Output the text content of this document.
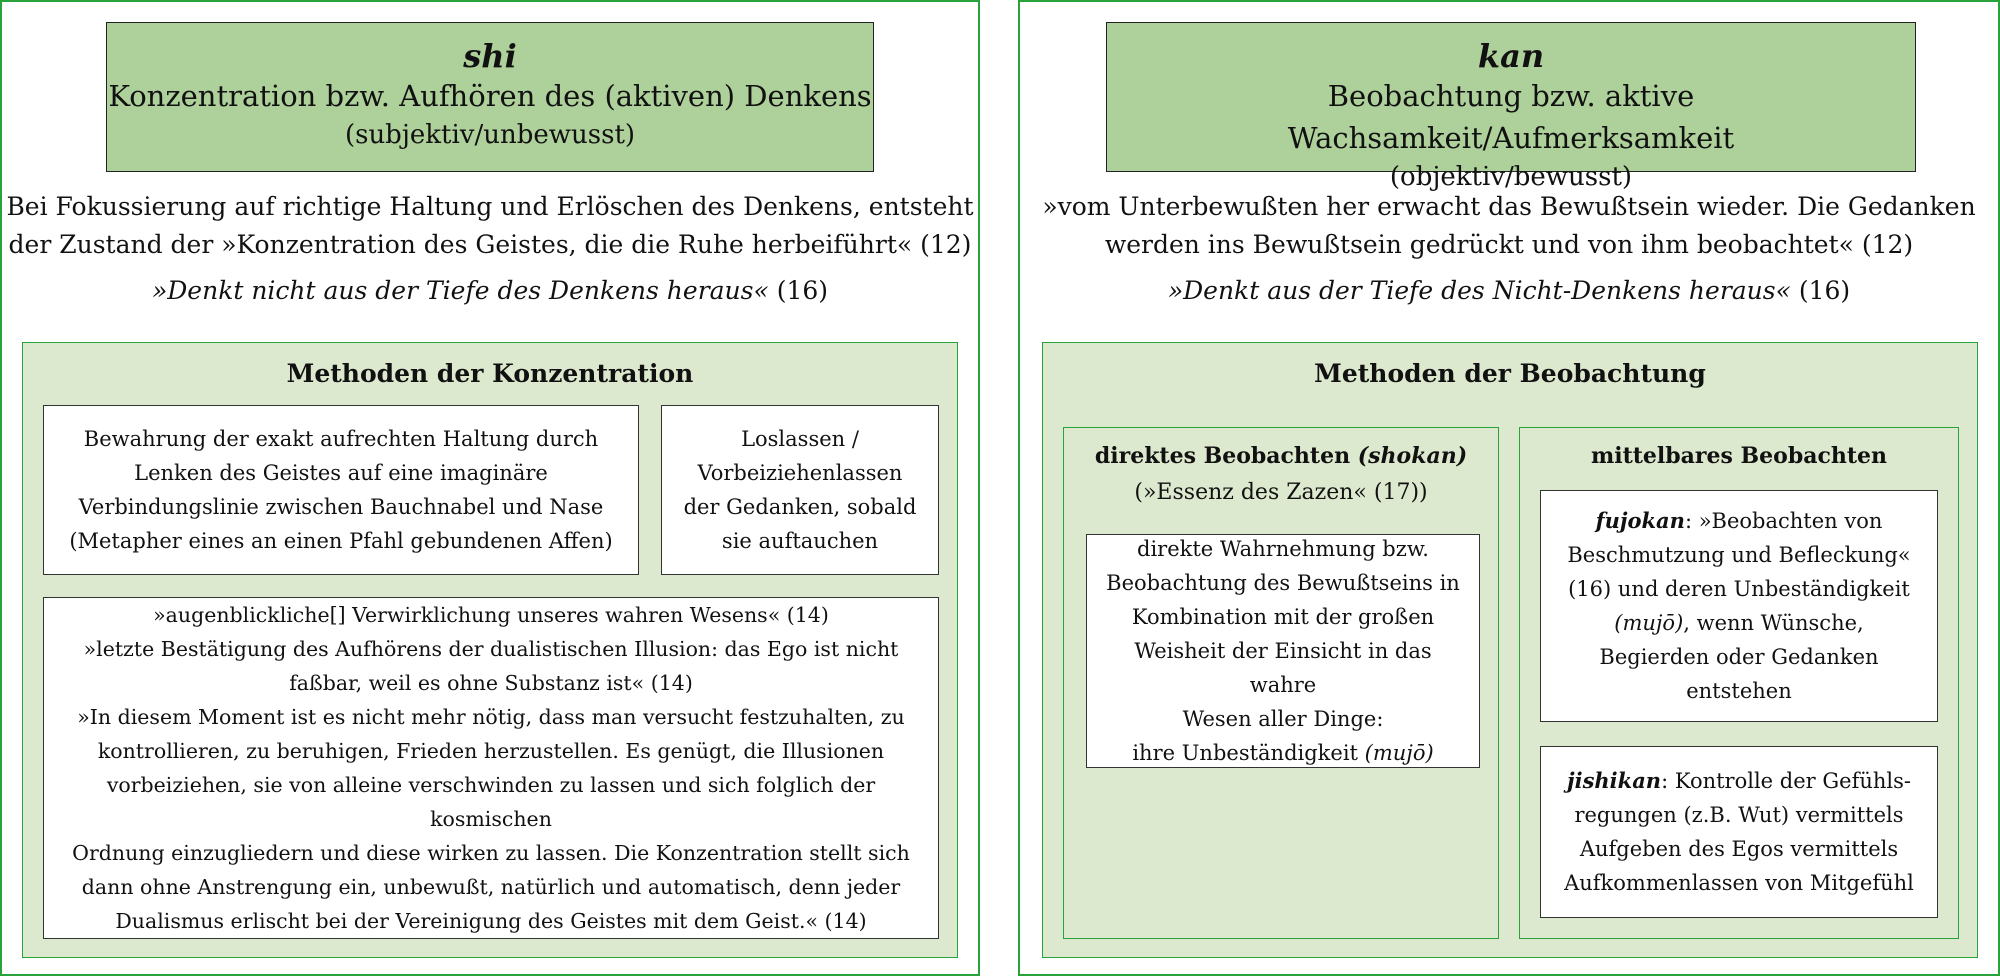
shi
Konzentration bzw. Aufhören des (aktiven) Denkens
(subjektiv/unbewusst)
Bei Fokussierung auf richtige Haltung und Erlöschen des Denkens, entsteht
der Zustand der »Konzentration des Geistes, die die Ruhe herbeiführt« (12)
»Denkt nicht aus der Tiefe des Denkens heraus« (16)
Methoden der Konzentration

Bewahrung der exakt aufrechten Haltung durch
Lenken des Geistes auf eine imaginäre
Verbindungslinie zwischen Bauchnabel und Nase
(Metapher eines an einen Pfahl gebundenen Affen)

Loslassen /
Vorbeiziehenlassen
der Gedanken, sobald
sie auftauchen

»augenblickliche[] Verwirklichung unseres wahren Wesens« (14)
»letzte Bestätigung des Aufhörens der dualistischen Illusion: das Ego ist nicht
faßbar, weil es ohne Substanz ist« (14)
»In diesem Moment ist es nicht mehr nötig, dass man versucht festzuhalten, zu
kontrollieren, zu beruhigen, Frieden herzustellen. Es genügt, die Illusionen
vorbeiziehen, sie von alleine verschwinden zu lassen und sich folglich der kosmischen
Ordnung einzugliedern und diese wirken zu lassen. Die Konzentration stellt sich
dann ohne Anstrengung ein, unbewußt, natürlich und automatisch, denn jeder
Dualismus erlischt bei der Vereinigung des Geistes mit dem Geist.« (14)

kan
Beobachtung bzw. aktive Wachsamkeit/Aufmerksamkeit
(objektiv/bewusst)
»vom Unterbewußten her erwacht das Bewußtsein wieder. Die Gedanken
werden ins Bewußtsein gedrückt und von ihm beobachtet« (12)
»Denkt aus der Tiefe des Nicht-Denkens heraus« (16)
Methoden der Beobachtung
direktes Beobachten (shokan)
(»Essenz des Zazen« (17))

direkte Wahrnehmung bzw.
Beobachtung des Bewußtseins in
Kombination mit der großen
Weisheit der Einsicht in das wahre
Wesen aller Dinge:
ihre Unbeständigkeit (mujō)

mittelbares Beobachten

fujokan: »Beobachten von
Beschmutzung und Befleckung«
(16) und deren Unbeständigkeit
(mujō), wenn Wünsche,
Begierden oder Gedanken
entstehen

jishikan: Kontrolle der Gefühls-
regungen (z.B. Wut) vermittels
Aufgeben des Egos vermittels
Aufkommenlassen von Mitgefühl
